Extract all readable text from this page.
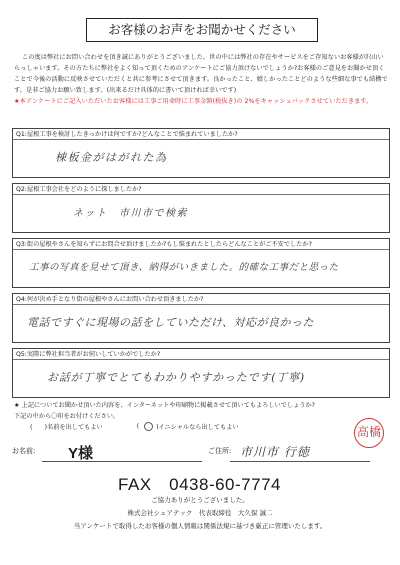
お客様のお声をお聞かせください

この度は弊社にお問い合わせを頂き誠にありがとうございました。世の中には弊社の存在やサービスをご存知ないお客様が沢山いらっしゃいます。その方たちに弊社をよく知って頂くためのアンケートにご協力頂けないでしょうか?お客様のご意見をお聞かせ頂くことで今後の活動に反映させていただくと共に参考にさせて頂きます。良かったこと、嬉しかったことどのような些細な事でも結構です。是非ご協力お願い致します。(出来るだけ具体的に書いて頂ければ幸いです)

★本アンケートにご記入いただいたお客様には工事ご用命時に工事金額(税抜き)の 2%をキャッシュバックさせていただきます。

Q1:屋根工事を検討したきっかけは何ですか?どんなことで悩まれていましたか?
棟板金がはがれた為
Q2:屋根工事会社をどのように探しましたか?
ネット　市川市で検索
Q3:街の屋根やさんを知らずにお問合せ頂けましたか?もし悩まれたとしたらどんなことがご不安でしたか?
工事の写真を見せて頂き、納得がいきました。的確な工事だと思った
Q4:何が決め手となり街の屋根やさんにお問い合わせ頂きましたか?
電話ですぐに現場の話をしていただけ、対応が良かった
Q5:実際に弊社担当者がお伺いしていかがでしたか?
お話が丁寧でとてもわかりやすかったです(丁寧)
★ 上記についてお聞かせ頂いた内容を、インターネットや印刷物に掲載させて頂いてもよろしいでしょうか?
下記の中から〇印をお付けください。
(　 )名前を出してもよい	( )イニシャルなら出してもよい	高橋
お名前: Y様	ご住所: 市川市 行徳
FAX　0438-60-7774
ご協力ありがとうございました。
株式会社シェアテック　代表取締役　大久保 誠二
当アンケートで取得したお客様の個人情報は関係法規に基づき厳正に管理いたします。
